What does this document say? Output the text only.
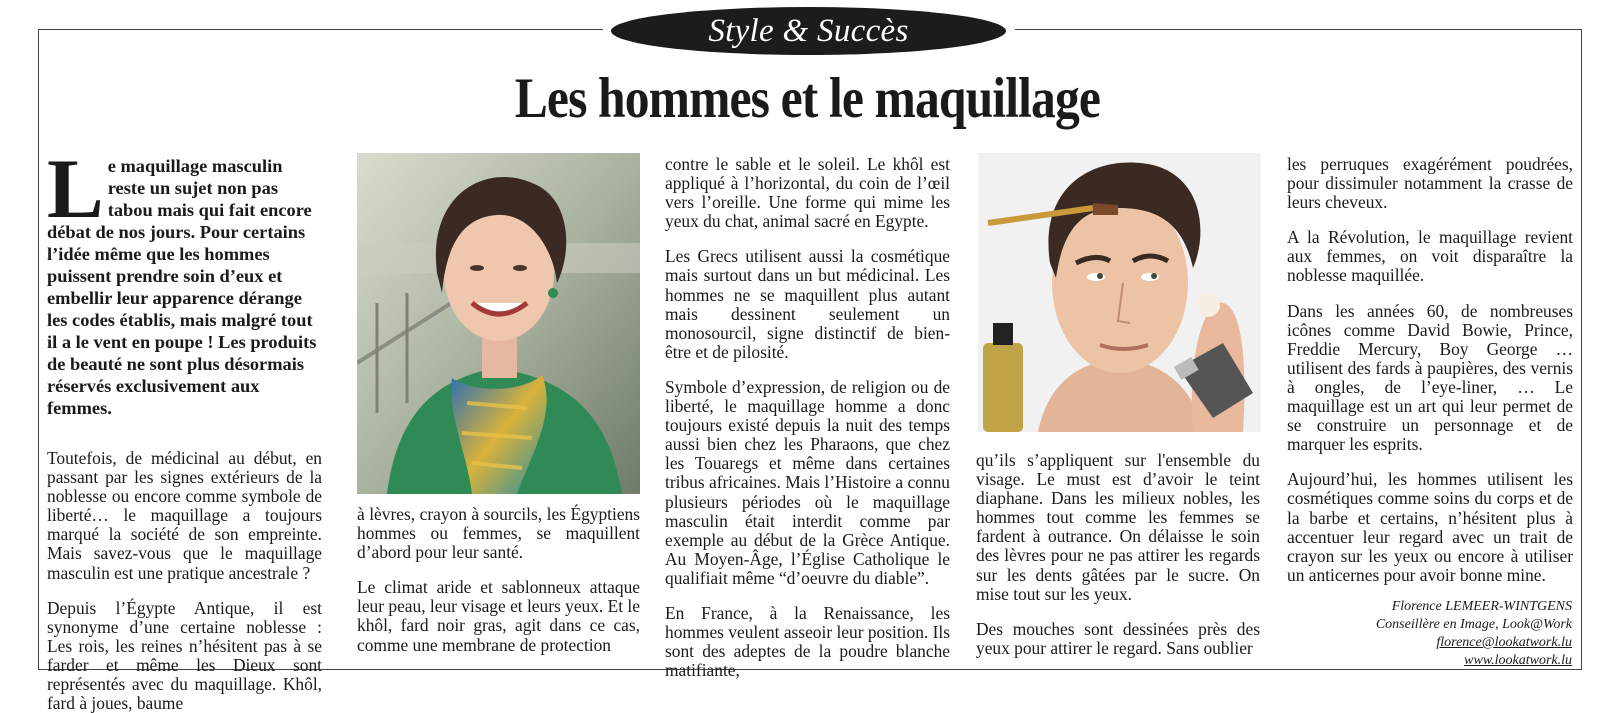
Style & Succès
Les hommes et le maquillage

Le maquillage masculin reste un sujet non pas tabou mais qui fait encore débat de nos jours. Pour certains l’idée même que les hommes puissent prendre soin d’eux et embellir leur apparence dérange les codes établis, mais malgré tout il a le vent en poupe ! Les produits de beauté ne sont plus désormais réservés exclusivement aux femmes.

Toutefois, de médicinal au début, en passant par les signes extérieurs de la noblesse ou encore comme symbole de liberté… le maquillage a toujours marqué la société de son empreinte. Mais savez-vous que le maquillage masculin est une pratique ancestrale ?

Depuis l’Égypte Antique, il est synonyme d’une certaine noblesse : Les rois, les reines n’hésitent pas à se farder et même les Dieux sont représentés avec du maquillage. Khôl, fard à joues, baume

à lèvres, crayon à sourcils, les Égyptiens hommes ou femmes, se maquillent d’abord pour leur santé.

Le climat aride et sablonneux attaque leur peau, leur visage et leurs yeux. Et le khôl, fard noir gras, agit dans ce cas, comme une membrane de protection

contre le sable et le soleil. Le khôl est appliqué à l’horizontal, du coin de l’œil vers l’oreille. Une forme qui mime les yeux du chat, animal sacré en Egypte.

Les Grecs utilisent aussi la cosmétique mais surtout dans un but médicinal. Les hommes ne se maquillent plus autant mais dessinent seulement un monosourcil, signe distinctif de bien-être et de pilosité.

Symbole d’expression, de religion ou de liberté, le maquillage homme a donc toujours existé depuis la nuit des temps aussi bien chez les Pharaons, que chez les Touaregs et même dans certaines tribus africaines. Mais l’Histoire a connu plusieurs périodes où le maquillage masculin était interdit comme par exemple au début de la Grèce Antique. Au Moyen-Âge, l’Église Catholique le qualifiait même “d’oeuvre du diable”.

En France, à la Renaissance, les hommes veulent asseoir leur position. Ils sont des adeptes de la poudre blanche matifiante,

qu’ils s’appliquent sur l'ensemble du visage. Le must est d’avoir le teint diaphane. Dans les milieux nobles, les hommes tout comme les femmes se fardent à outrance. On délaisse le soin des lèvres pour ne pas attirer les regards sur les dents gâtées par le sucre. On mise tout sur les yeux.

Des mouches sont dessinées près des yeux pour attirer le regard. Sans oublier

les perruques exagérément poudrées, pour dissimuler notamment la crasse de leurs cheveux.

A la Révolution, le maquillage revient aux femmes, on voit disparaître la noblesse maquillée.

Dans les années 60, de nombreuses icônes comme David Bowie, Prince, Freddie Mercury, Boy George … utilisent des fards à paupières, des vernis à ongles, de l’eye-liner, … Le maquillage est un art qui leur permet de se construire un personnage et de marquer les esprits.

Aujourd’hui, les hommes utilisent les cosmétiques comme soins du corps et de la barbe et certains, n’hésitent plus à accentuer leur regard avec un trait de crayon sur les yeux ou encore à utiliser un anticernes pour avoir bonne mine.

Florence LEMEER-WINTGENS
Conseillère en Image, Look@Work
florence@lookatwork.lu
www.lookatwork.lu
